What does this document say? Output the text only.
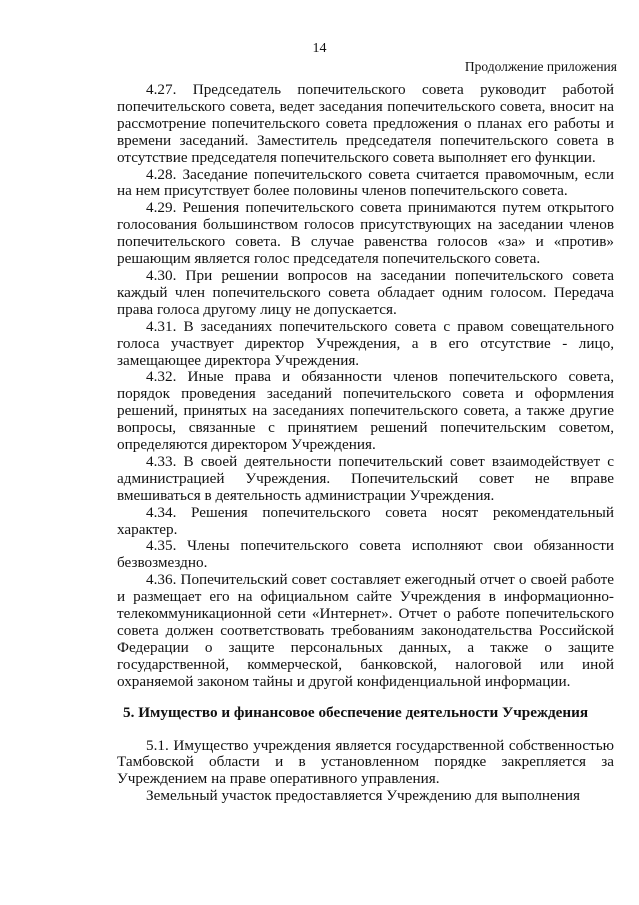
14
Продолжение приложения

4.27. Председатель попечительского совета руководит работой попечительского совета, ведет заседания попечительского совета, вносит на рассмотрение попечительского совета предложения о планах его работы и времени заседаний. Заместитель председателя попечительского совета в отсутствие председателя попечительского совета выполняет его функции.

4.28. Заседание попечительского совета считается правомочным, если на нем присутствует более половины членов попечительского совета.

4.29. Решения попечительского совета принимаются путем открытого голосования большинством голосов присутствующих на заседании членов попечительского совета. В случае равенства голосов «за» и «против» решающим является голос председателя попечительского совета.

4.30. При решении вопросов на заседании попечительского совета каждый член попечительского совета обладает одним голосом. Передача права голоса другому лицу не допускается.

4.31. В заседаниях попечительского совета с правом совещательного голоса участвует директор Учреждения, а в его отсутствие - лицо, замещающее директора Учреждения.

4.32. Иные права и обязанности членов попечительского совета, порядок проведения заседаний попечительского совета и оформления решений, принятых на заседаниях попечительского совета, а также другие вопросы, связанные с принятием решений попечительским советом, определяются директором Учреждения.

4.33. В своей деятельности попечительский совет взаимодействует с администрацией Учреждения. Попечительский совет не вправе вмешиваться в деятельность администрации Учреждения.

4.34. Решения попечительского совета носят рекомендательный характер.

4.35. Члены попечительского совета исполняют свои обязанности безвозмездно.

4.36. Попечительский совет составляет ежегодный отчет о своей работе и размещает его на официальном сайте Учреждения в информационно-телекоммуникационной сети «Интернет». Отчет о работе попечительского совета должен соответствовать требованиям законодательства Российской Федерации о защите персональных данных, а также о защите государственной, коммерческой, банковской, налоговой или иной охраняемой законом тайны и другой конфиденциальной информации.

5. Имущество и финансовое обеспечение деятельности Учреждения

5.1. Имущество учреждения является государственной собственностью Тамбовской области и в установленном порядке закрепляется за Учреждением на праве оперативного управления.

Земельный участок предоставляется Учреждению для выполнения
